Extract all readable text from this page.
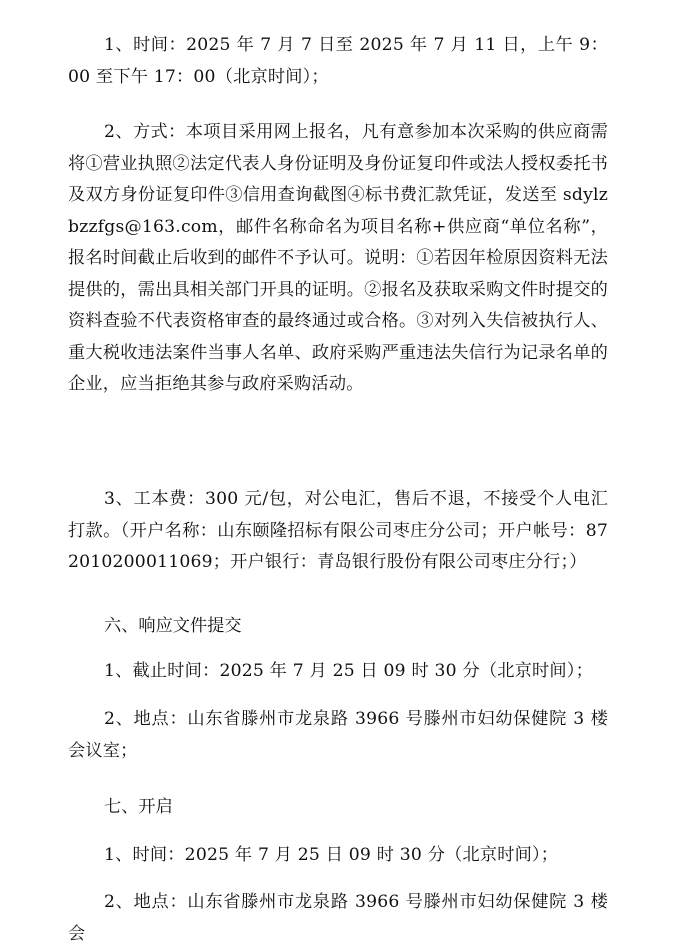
1、时间：2025 年 7 月 7 日至 2025 年 7 月 11 日，上午 9：00 至下午 17：00（北京时间）；

2、方式：本项目采用网上报名，凡有意参加本次采购的供应商需将①营业执照②法定代表人身份证明及身份证复印件或法人授权委托书及双方身份证复印件③信用查询截图④标书费汇款凭证，发送至 sdylzbzzfgs@163.com，邮件名称命名为项目名称+供应商“单位名称”，报名时间截止后收到的邮件不予认可。说明：①若因年检原因资料无法提供的，需出具相关部门开具的证明。②报名及获取采购文件时提交的资料查验不代表资格审查的最终通过或合格。③对列入失信被执行人、重大税收违法案件当事人名单、政府采购严重违法失信行为记录名单的企业，应当拒绝其参与政府采购活动。

3、工本费：300 元/包，对公电汇，售后不退，不接受个人电汇打款。（开户名称：山东颐隆招标有限公司枣庄分公司；开户帐号：872010200011069；开户银行：青岛银行股份有限公司枣庄分行；）

六、响应文件提交

1、截止时间：2025 年 7 月 25 日 09 时 30 分（北京时间）；

2、地点：山东省滕州市龙泉路 3966 号滕州市妇幼保健院 3 楼会议室；

七、开启

1、时间：2025 年 7 月 25 日 09 时 30 分（北京时间）；

2、地点：山东省滕州市龙泉路 3966 号滕州市妇幼保健院 3 楼会
